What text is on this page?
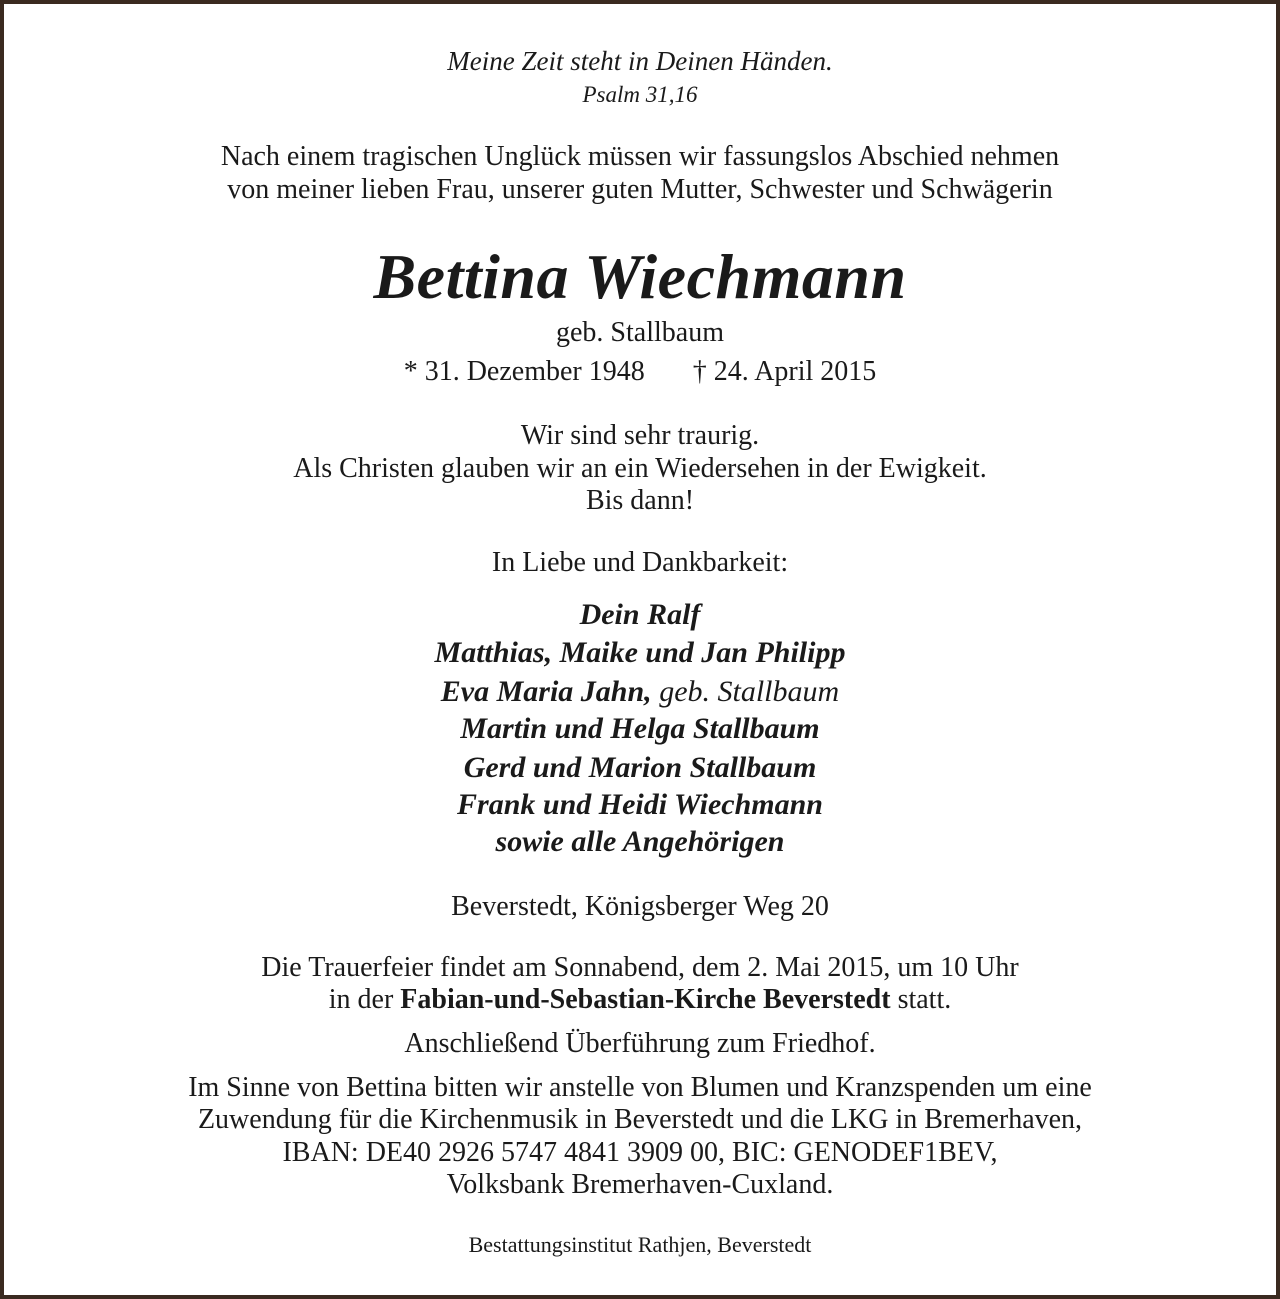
Meine Zeit steht in Deinen Händen.
Psalm 31,16
Nach einem tragischen Unglück müssen wir fassungslos Abschied nehmen
von meiner lieben Frau, unserer guten Mutter, Schwester und Schwägerin
Bettina Wiechmann
geb. Stallbaum
* 31. Dezember 1948 † 24. April 2015
Wir sind sehr traurig.
Als Christen glauben wir an ein Wiedersehen in der Ewigkeit.
Bis dann!
In Liebe und Dankbarkeit:
Dein Ralf
Matthias, Maike und Jan Philipp
Eva Maria Jahn, geb. Stallbaum
Martin und Helga Stallbaum
Gerd und Marion Stallbaum
Frank und Heidi Wiechmann
sowie alle Angehörigen
Beverstedt, Königsberger Weg 20
Die Trauerfeier findet am Sonnabend, dem 2. Mai 2015, um 10 Uhr
in der Fabian-und-Sebastian-Kirche Beverstedt statt.
Anschließend Überführung zum Friedhof.
Im Sinne von Bettina bitten wir anstelle von Blumen und Kranzspenden um eine
Zuwendung für die Kirchenmusik in Beverstedt und die LKG in Bremerhaven,
IBAN: DE40 2926 5747 4841 3909 00, BIC: GENODEF1BEV,
Volksbank Bremerhaven-Cuxland.
Bestattungsinstitut Rathjen, Beverstedt
